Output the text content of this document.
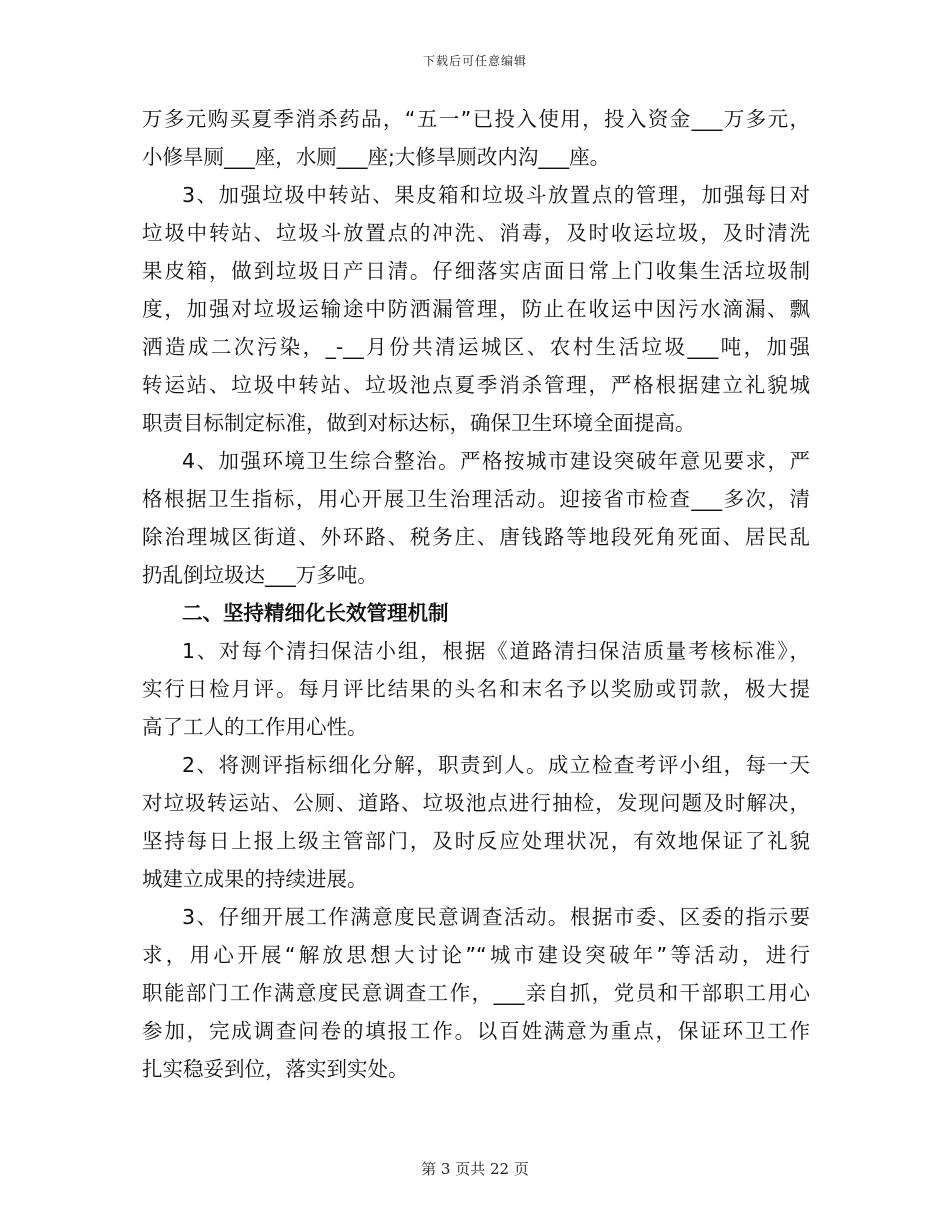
下载后可任意编辑
万多元购买夏季消杀药品，“五一”已投入使用，投入资金___万多元，
小修旱厕___座，水厕___座;大修旱厕改内沟___座。
3、加强垃圾中转站、果皮箱和垃圾斗放置点的管理，加强每日对
垃圾中转站、垃圾斗放置点的冲洗、消毒，及时收运垃圾，及时清洗
果皮箱，做到垃圾日产日清。仔细落实店面日常上门收集生活垃圾制
度，加强对垃圾运输途中防洒漏管理，防止在收运中因污水滴漏、飘
洒造成二次污染，_-__月份共清运城区、农村生活垃圾___吨，加强
转运站、垃圾中转站、垃圾池点夏季消杀管理，严格根据建立礼貌城
职责目标制定标准，做到对标达标，确保卫生环境全面提高。
4、加强环境卫生综合整治。严格按城市建设突破年意见要求，严
格根据卫生指标，用心开展卫生治理活动。迎接省市检查___多次，清
除治理城区街道、外环路、税务庄、唐钱路等地段死角死面、居民乱
扔乱倒垃圾达___万多吨。
二、坚持精细化长效管理机制
1、对每个清扫保洁小组，根据《道路清扫保洁质量考核标准》，
实行日检月评。每月评比结果的头名和末名予以奖励或罚款，极大提
高了工人的工作用心性。
2、将测评指标细化分解，职责到人。成立检查考评小组，每一天
对垃圾转运站、公厕、道路、垃圾池点进行抽检，发现问题及时解决，
坚持每日上报上级主管部门，及时反应处理状况，有效地保证了礼貌
城建立成果的持续进展。
3、仔细开展工作满意度民意调查活动。根据市委、区委的指示要
求，用心开展“解放思想大讨论”“城市建设突破年”等活动，进行
职能部门工作满意度民意调查工作，___亲自抓，党员和干部职工用心
参加，完成调查问卷的填报工作。以百姓满意为重点，保证环卫工作
扎实稳妥到位，落实到实处。
第 3 页共 22 页
